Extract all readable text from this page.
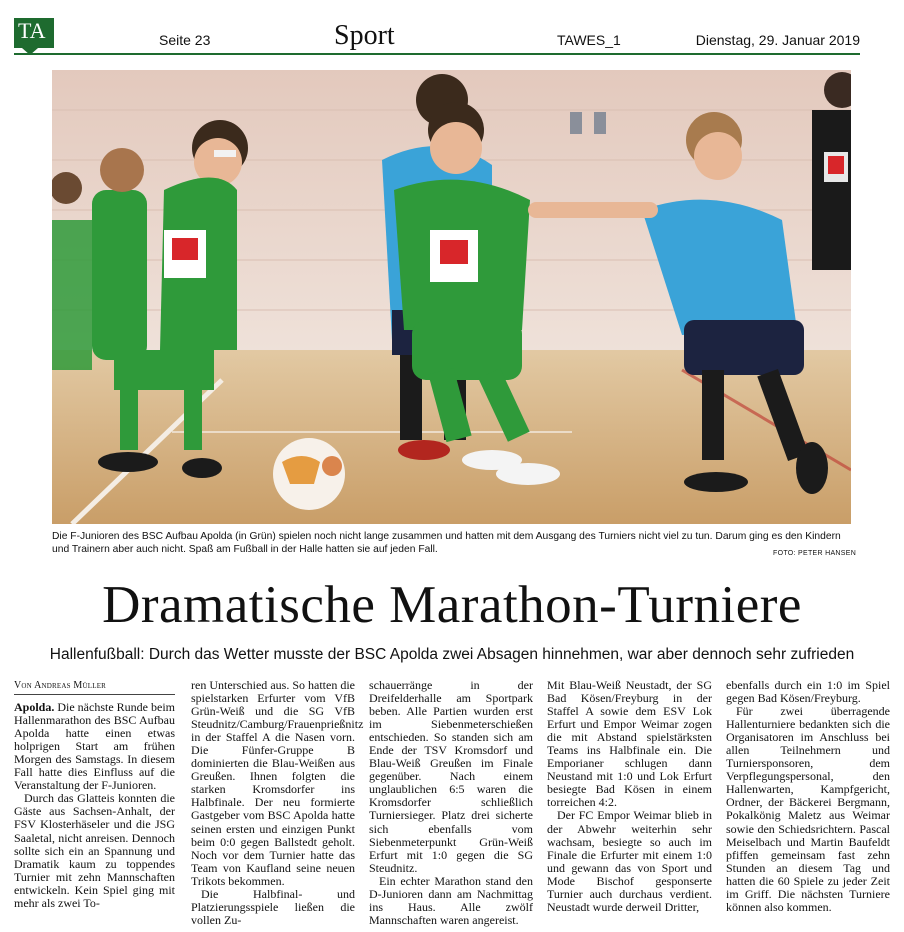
TA	Seite 23	Sport	TAWES_1	Dienstag, 29. Januar 2019
Die F-Junioren des BSC Aufbau Apolda (in Grün) spielen noch nicht lange zusammen und hatten mit dem Ausgang des Turniers nicht viel zu tun. Darum ging es den Kindern und Trainern aber auch nicht. Spaß am Fußball in der Halle hatten sie auf jeden Fall.	FOTO: PETER HANSEN
Dramatische Marathon-Turniere
Hallenfußball: Durch das Wetter musste der BSC Apolda zwei Absagen hinnehmen, war aber dennoch sehr zufrieden
Von Andreas Müller

Apolda. Die nächste Runde beim Hallenmarathon des BSC Aufbau Apolda hatte einen etwas holprigen Start am frühen Morgen des Samstags. In diesem Fall hatte dies Einfluss auf die Veranstaltung der F-Junioren.

Durch das Glatteis konnten die Gäste aus Sachsen-Anhalt, der FSV Klosterhäseler und die JSG Saaletal, nicht anreisen. Dennoch sollte sich ein an Spannung und Dramatik kaum zu toppendes Turnier mit zehn Mannschaften entwickeln. Kein Spiel ging mit mehr als zwei To-

ren Unterschied aus. So hatten die spielstarken Erfurter vom VfB Grün-Weiß und die SG VfB Steudnitz/Camburg/Frauenprießnitz in der Staffel A die Nasen vorn. Die Fünfer-Gruppe B dominierten die Blau-Weißen aus Greußen. Ihnen folgten die starken Kromsdorfer ins Halbfinale. Der neu formierte Gastgeber vom BSC Apolda hatte seinen ersten und einzigen Punkt beim 0:0 gegen Ballstedt geholt. Noch vor dem Turnier hatte das Team von Kaufland seine neuen Trikots bekommen.

Die Halbfinal- und Platzierungsspiele ließen die vollen Zu-

schauerränge in der Dreifelderhalle am Sportpark beben. Alle Partien wurden erst im Siebenmeterschießen entschieden. So standen sich am Ende der TSV Kromsdorf und Blau-Weiß Greußen im Finale gegenüber. Nach einem unglaublichen 6:5 waren die Kromsdorfer schließlich Turniersieger. Platz drei sicherte sich ebenfalls vom Siebenmeterpunkt Grün-Weiß Erfurt mit 1:0 gegen die SG Steudnitz.

Ein echter Marathon stand den D-Junioren dann am Nachmittag ins Haus. Alle zwölf Mannschaften waren angereist.

Mit Blau-Weiß Neustadt, der SG Bad Kösen/Freyburg in der Staffel A sowie dem ESV Lok Erfurt und Empor Weimar zogen die mit Abstand spielstärksten Teams ins Halbfinale ein. Die Emporianer schlugen dann Neustand mit 1:0 und Lok Erfurt besiegte Bad Kösen in einem torreichen 4:2.

Der FC Empor Weimar blieb in der Abwehr weiterhin sehr wachsam, besiegte so auch im Finale die Erfurter mit einem 1:0 und gewann das von Sport und Mode Bischof gesponserte Turnier auch durchaus verdient. Neustadt wurde derweil Dritter,

ebenfalls durch ein 1:0 im Spiel gegen Bad Kösen/Freyburg.

Für zwei überragende Hallenturniere bedankten sich die Organisatoren im Anschluss bei allen Teilnehmern und Turniersponsoren, dem Verpflegungspersonal, den Hallenwarten, Kampfgericht, Ordner, der Bäckerei Bergmann, Pokalkönig Maletz aus Weimar sowie den Schiedsrichtern. Pascal Meiselbach und Martin Baufeldt pfiffen gemeinsam fast zehn Stunden an diesem Tag und hatten die 60 Spiele zu jeder Zeit im Griff. Die nächsten Turniere können also kommen.
